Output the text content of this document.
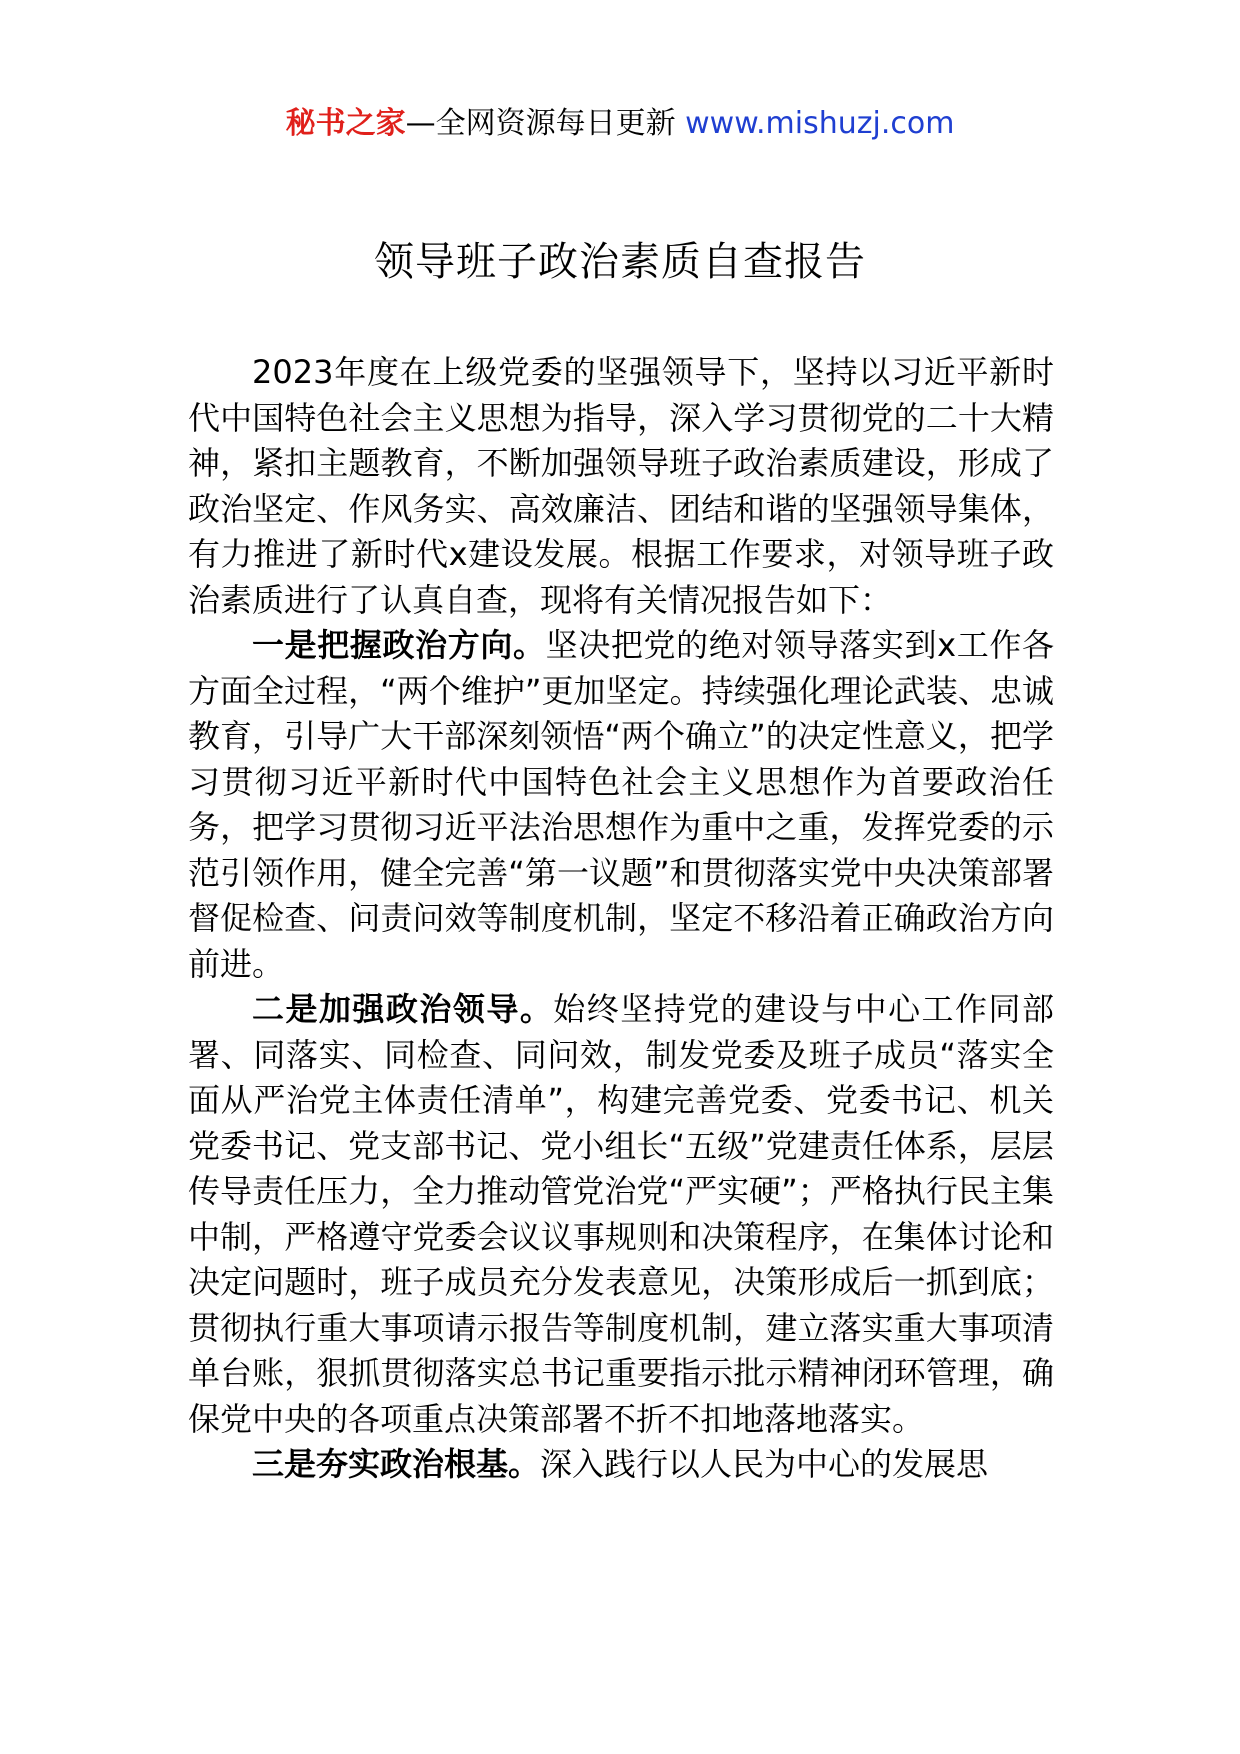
秘书之家—全网资源每日更新 www.mishuzj.com
领导班子政治素质自查报告

2023年度在上级党委的坚强领导下，坚持以习近平新时代中国特色社会主义思想为指导，深入学习贯彻党的二十大精神，紧扣主题教育，不断加强领导班子政治素质建设，形成了政治坚定、作风务实、高效廉洁、团结和谐的坚强领导集体，有力推进了新时代x建设发展。根据工作要求，对领导班子政治素质进行了认真自查，现将有关情况报告如下：

一是把握政治方向。坚决把党的绝对领导落实到x工作各方面全过程，“两个维护”更加坚定。持续强化理论武装、忠诚教育，引导广大干部深刻领悟“两个确立”的决定性意义，把学习贯彻习近平新时代中国特色社会主义思想作为首要政治任务，把学习贯彻习近平法治思想作为重中之重，发挥党委的示范引领作用，健全完善“第一议题”和贯彻落实党中央决策部署督促检查、问责问效等制度机制，坚定不移沿着正确政治方向前进。

二是加强政治领导。始终坚持党的建设与中心工作同部署、同落实、同检查、同问效，制发党委及班子成员“落实全面从严治党主体责任清单”，构建完善党委、党委书记、机关党委书记、党支部书记、党小组长“五级”党建责任体系，层层传导责任压力，全力推动管党治党“严实硬”；严格执行民主集中制，严格遵守党委会议议事规则和决策程序，在集体讨论和决定问题时，班子成员充分发表意见，决策形成后一抓到底；贯彻执行重大事项请示报告等制度机制，建立落实重大事项清单台账，狠抓贯彻落实总书记重要指示批示精神闭环管理，确保党中央的各项重点决策部署不折不扣地落地落实。

三是夯实政治根基。深入践行以人民为中心的发展思
